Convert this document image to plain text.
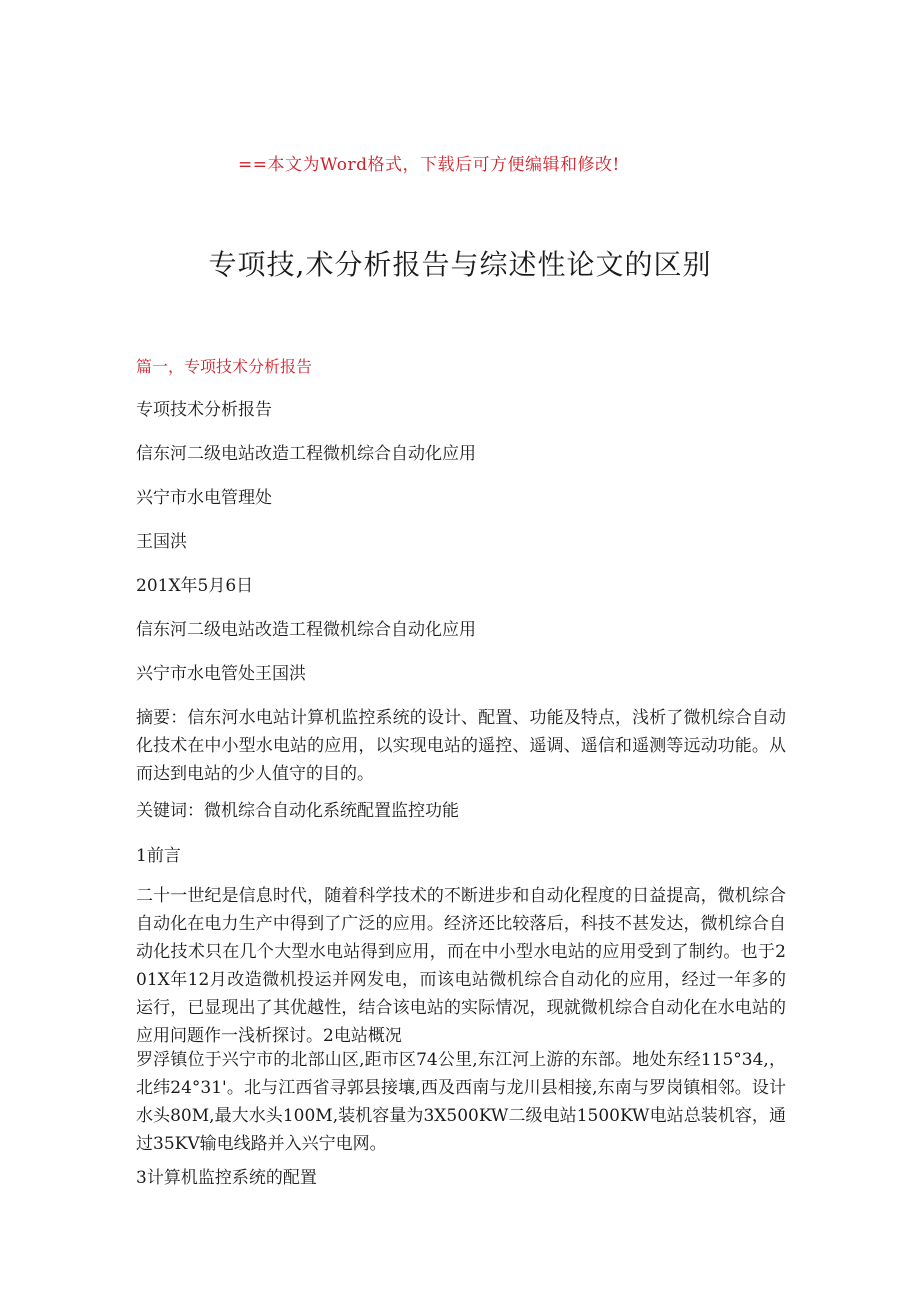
==本文为Word格式，下载后可方便编辑和修改!
专项技,术分析报告与综述性论文的区别
篇一，专项技术分析报告
专项技术分析报告
信东河二级电站改造工程微机综合自动化应用
兴宁市水电管理处
王国洪
201X年5月6日
信东河二级电站改造工程微机综合自动化应用
兴宁市水电管处王国洪
摘要：信东河水电站计算机监控系统的设计、配置、功能及特点，浅析了微机综合自动化技术在中小型水电站的应用，以实现电站的遥控、遥调、遥信和遥测等远动功能。从而达到电站的少人值守的目的。
关键词：微机综合自动化系统配置监控功能
1前言
二十一世纪是信息时代，随着科学技术的不断进步和自动化程度的日益提高，微机综合自动化在电力生产中得到了广泛的应用。经济还比较落后，科技不甚发达，微机综合自动化技术只在几个大型水电站得到应用，而在中小型水电站的应用受到了制约。也于201X年12月改造微机投运并网发电，而该电站微机综合自动化的应用，经过一年多的运行，已显现出了其优越性，结合该电站的实际情况，现就微机综合自动化在水电站的应用问题作一浅析探讨。2电站概况
罗浮镇位于兴宁市的北部山区,距市区74公里,东江河上游的东部。地处东经115°34,，北纬24°31'。北与江西省寻郭县接壤,西及西南与龙川县相接,东南与罗岗镇相邻。设计水头80M,最大水头100M,装机容量为3X500KW二级电站1500KW电站总装机容，通过35KV输电线路并入兴宁电网。
3计算机监控系统的配置
